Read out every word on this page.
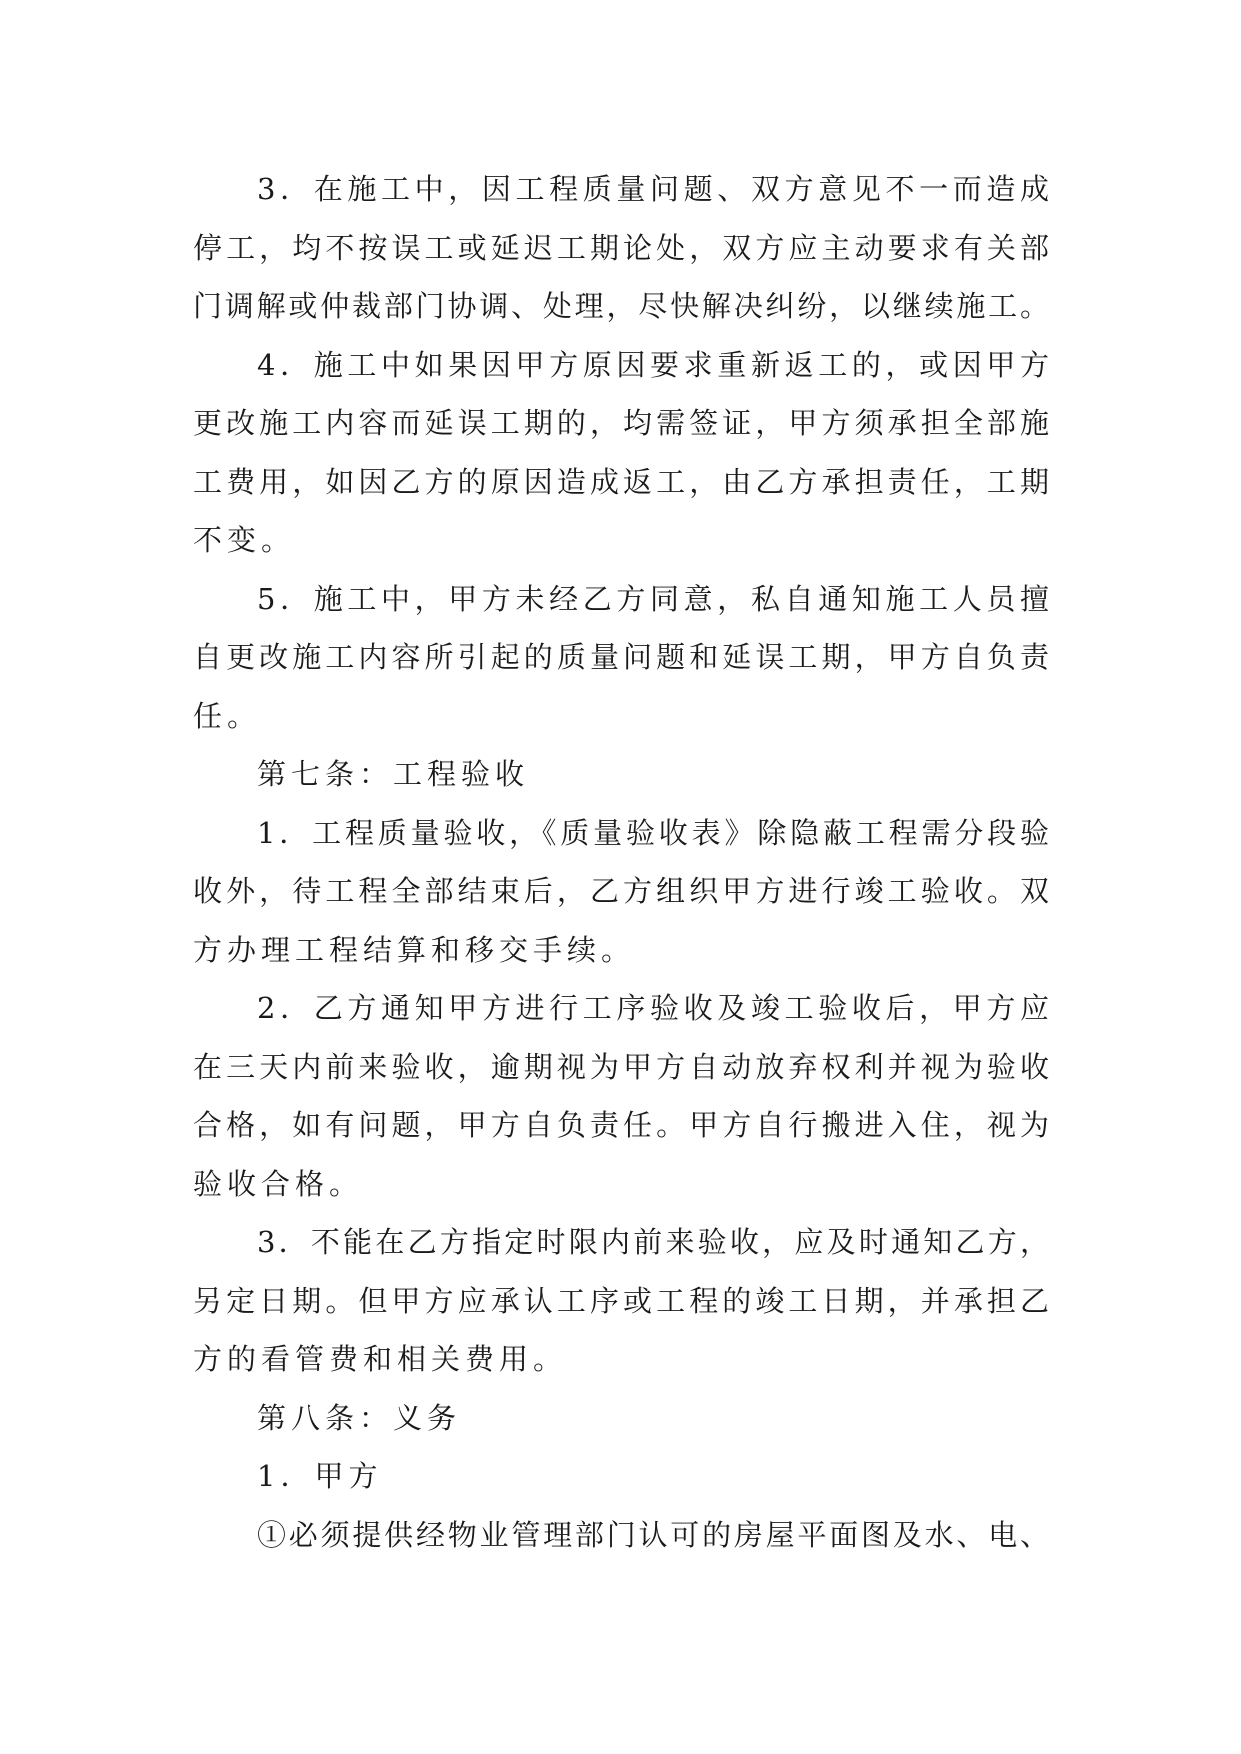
3．在施工中，因工程质量问题、双方意见不一而造成
停工，均不按误工或延迟工期论处，双方应主动要求有关部
门调解或仲裁部门协调、处理，尽快解决纠纷，以继续施工。
4．施工中如果因甲方原因要求重新返工的，或因甲方
更改施工内容而延误工期的，均需签证，甲方须承担全部施
工费用，如因乙方的原因造成返工，由乙方承担责任，工期
不变。
5．施工中，甲方未经乙方同意，私自通知施工人员擅
自更改施工内容所引起的质量问题和延误工期，甲方自负责
任。
第七条：工程验收
1．工程质量验收，《质量验收表》除隐蔽工程需分段验
收外，待工程全部结束后，乙方组织甲方进行竣工验收。双
方办理工程结算和移交手续。
2．乙方通知甲方进行工序验收及竣工验收后，甲方应
在三天内前来验收，逾期视为甲方自动放弃权利并视为验收
合格，如有问题，甲方自负责任。甲方自行搬进入住，视为
验收合格。
3．不能在乙方指定时限内前来验收，应及时通知乙方，
另定日期。但甲方应承认工序或工程的竣工日期，并承担乙
方的看管费和相关费用。
第八条：义务
1．甲方
①必须提供经物业管理部门认可的房屋平面图及水、电、
